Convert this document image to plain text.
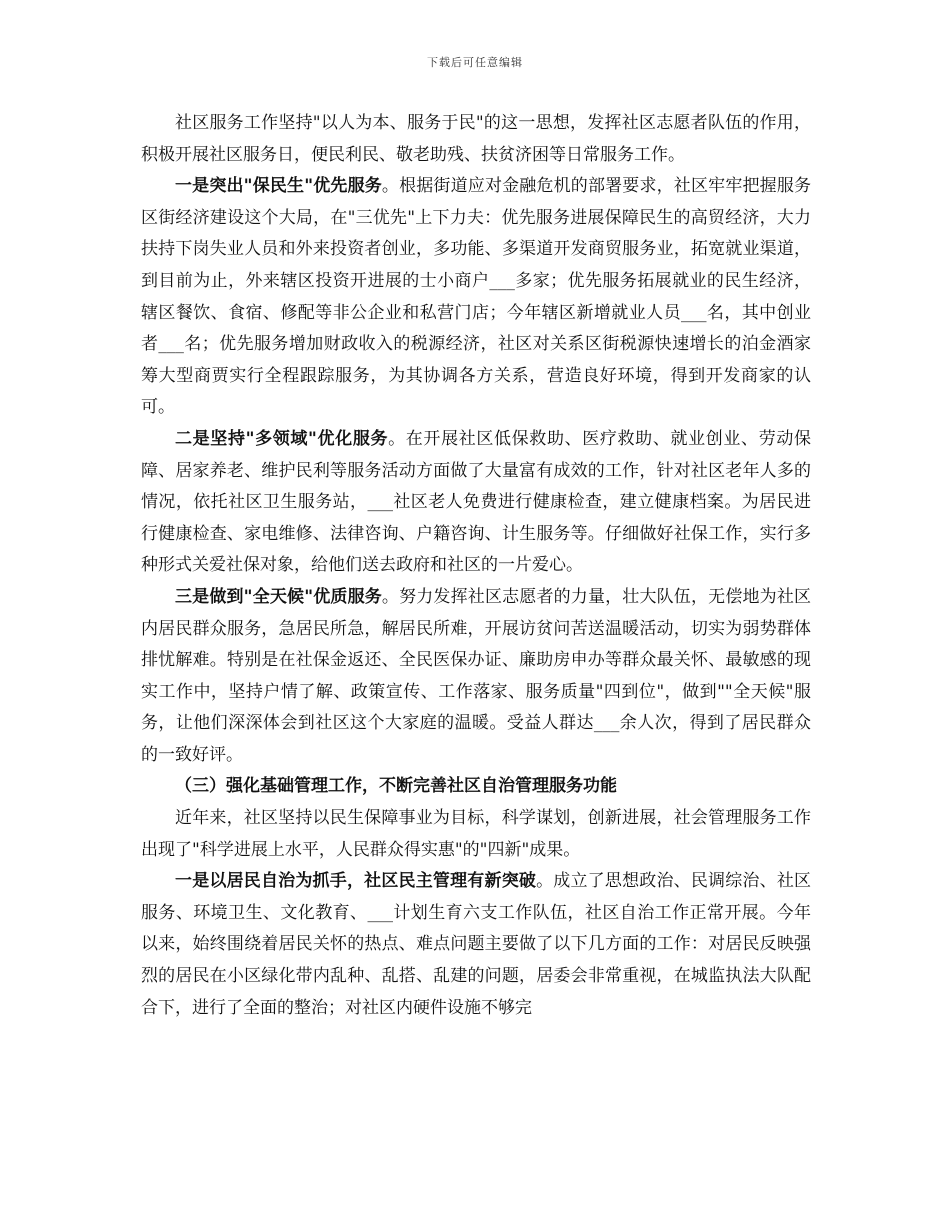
下载后可任意编辑

社区服务工作坚持"以人为本、服务于民"的这一思想，发挥社区志愿者队伍的作用，积极开展社区服务日，便民利民、敬老助残、扶贫济困等日常服务工作。

一是突出"保民生"优先服务。根据街道应对金融危机的部署要求，社区牢牢把握服务区街经济建设这个大局，在"三优先"上下力夫：优先服务进展保障民生的高贸经济，大力扶持下岗失业人员和外来投资者创业，多功能、多渠道开发商贸服务业，拓宽就业渠道，到目前为止，外来辖区投资开进展的士小商户___多家；优先服务拓展就业的民生经济，辖区餐饮、食宿、修配等非公企业和私营门店；今年辖区新增就业人员___名，其中创业者___名；优先服务增加财政收入的税源经济，社区对关系区街税源快速增长的泊金酒家筹大型商贾实行全程跟踪服务，为其协调各方关系，营造良好环境，得到开发商家的认可。

二是坚持"多领域"优化服务。在开展社区低保救助、医疗救助、就业创业、劳动保障、居家养老、维护民利等服务活动方面做了大量富有成效的工作，针对社区老年人多的情况，依托社区卫生服务站，___社区老人免费进行健康检查，建立健康档案。为居民进行健康检查、家电维修、法律咨询、户籍咨询、计生服务等。仔细做好社保工作，实行多种形式关爱社保对象，给他们送去政府和社区的一片爱心。

三是做到"全天候"优质服务。努力发挥社区志愿者的力量，壮大队伍，无偿地为社区内居民群众服务，急居民所急，解居民所难，开展访贫问苦送温暖活动，切实为弱势群体排忧解难。特别是在社保金返还、全民医保办证、廉助房申办等群众最关怀、最敏感的现实工作中，坚持户情了解、政策宣传、工作落家、服务质量"四到位"，做到""全天候"服务，让他们深深体会到社区这个大家庭的温暖。受益人群达___余人次，得到了居民群众的一致好评。

（三）强化基础管理工作，不断完善社区自治管理服务功能

近年来，社区坚持以民生保障事业为目标，科学谋划，创新进展，社会管理服务工作出现了"科学进展上水平，人民群众得实惠"的"四新"成果。

一是以居民自治为抓手，社区民主管理有新突破。成立了思想政治、民调综治、社区服务、环境卫生、文化教育、___计划生育六支工作队伍，社区自治工作正常开展。今年以来，始终围绕着居民关怀的热点、难点问题主要做了以下几方面的工作：对居民反映强烈的居民在小区绿化带内乱种、乱搭、乱建的问题，居委会非常重视，在城监执法大队配合下，进行了全面的整治；对社区内硬件设施不够完
